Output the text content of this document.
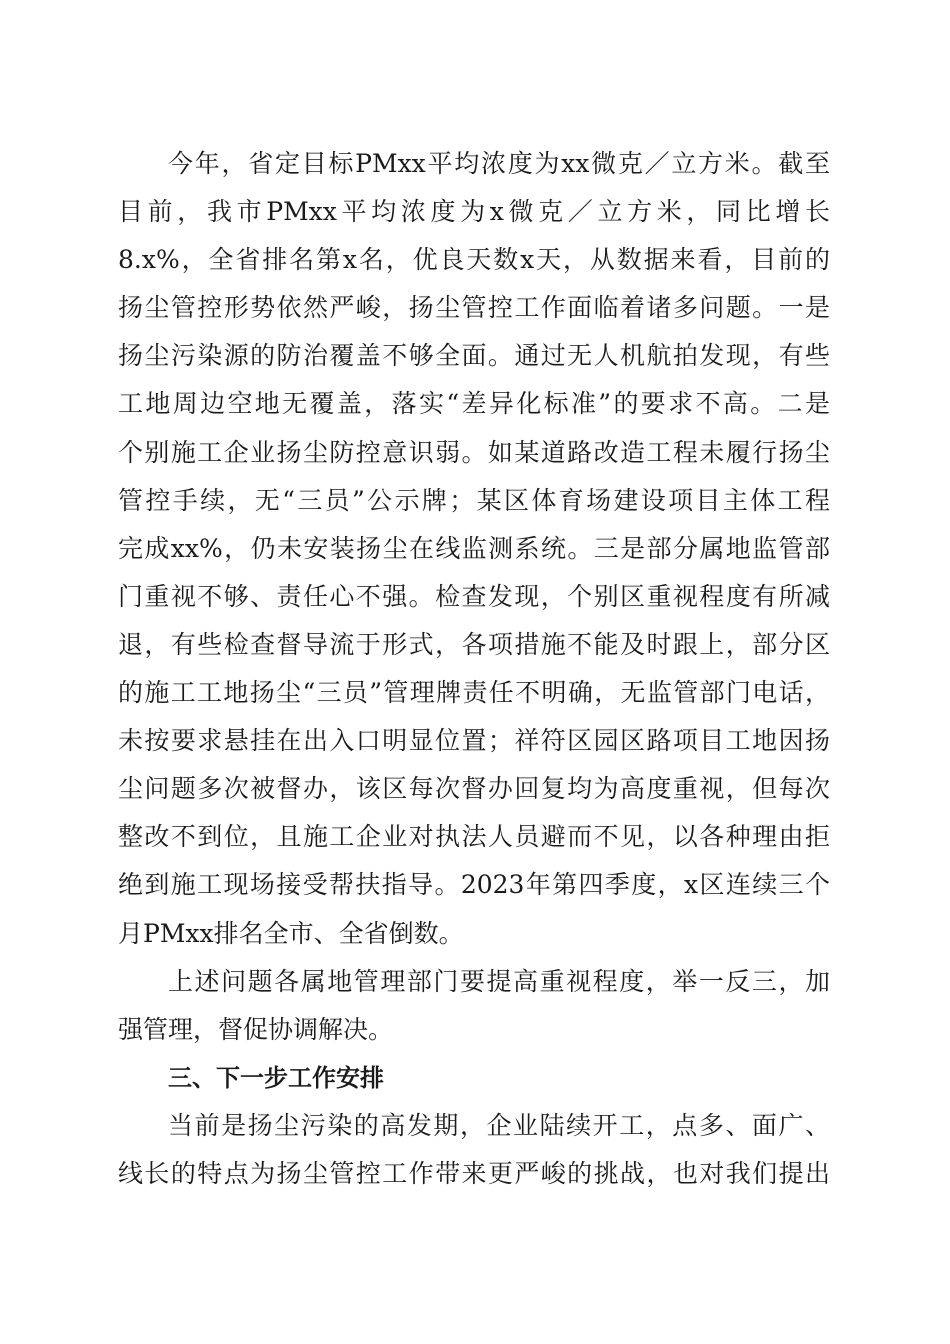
今年，省定目标PMxx平均浓度为xx微克／立方米。截至
目前，我市PMxx平均浓度为x微克／立方米，同比增长
8.x%，全省排名第x名，优良天数x天，从数据来看，目前的
扬尘管控形势依然严峻，扬尘管控工作面临着诸多问题。一是
扬尘污染源的防治覆盖不够全面。通过无人机航拍发现，有些
工地周边空地无覆盖，落实“差异化标准”的要求不高。二是
个别施工企业扬尘防控意识弱。如某道路改造工程未履行扬尘
管控手续，无“三员”公示牌；某区体育场建设项目主体工程
完成xx%，仍未安装扬尘在线监测系统。三是部分属地监管部
门重视不够、责任心不强。检查发现，个别区重视程度有所减
退，有些检查督导流于形式，各项措施不能及时跟上，部分区
的施工工地扬尘“三员”管理牌责任不明确，无监管部门电话，
未按要求悬挂在出入口明显位置；祥符区园区路项目工地因扬
尘问题多次被督办，该区每次督办回复均为高度重视，但每次
整改不到位，且施工企业对执法人员避而不见，以各种理由拒
绝到施工现场接受帮扶指导。2023年第四季度，x区连续三个
月PMxx排名全市、全省倒数。
上述问题各属地管理部门要提高重视程度，举一反三，加
强管理，督促协调解决。
三、下一步工作安排
当前是扬尘污染的高发期，企业陆续开工，点多、面广、
线长的特点为扬尘管控工作带来更严峻的挑战，也对我们提出
